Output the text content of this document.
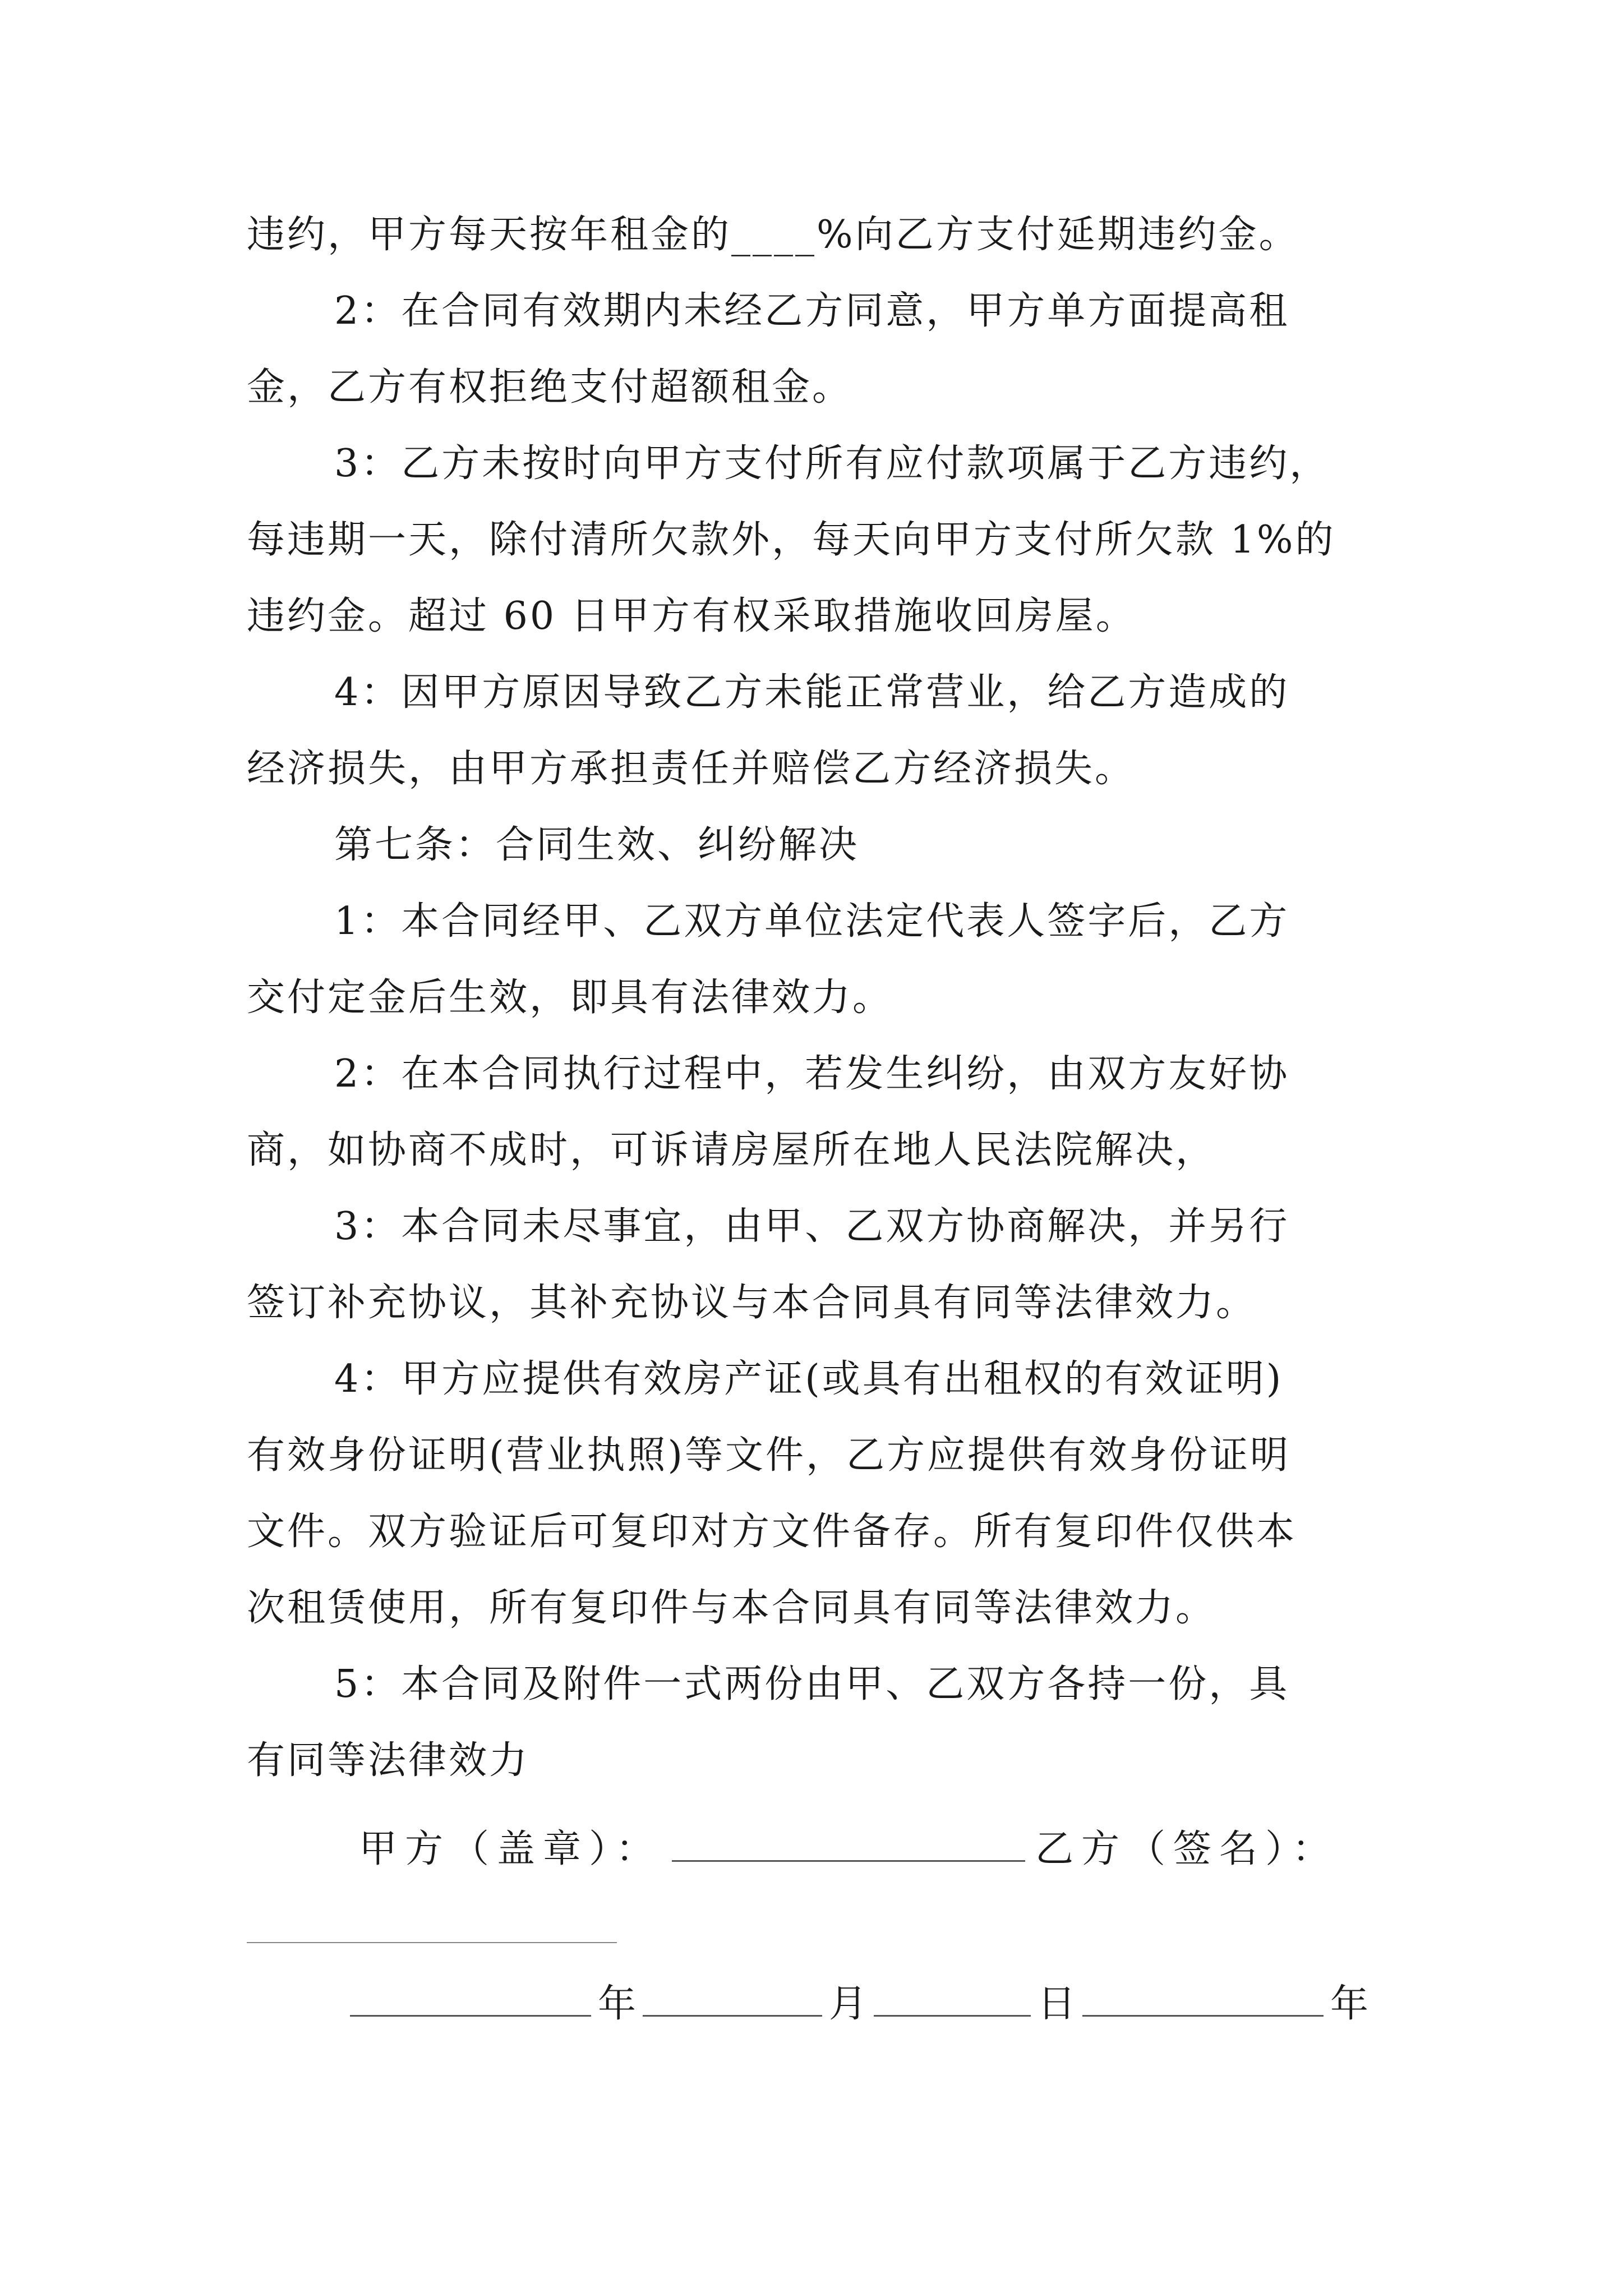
违约，甲方每天按年租金的____%向乙方支付延期违约金。
2：在合同有效期内未经乙方同意，甲方单方面提高租
金，乙方有权拒绝支付超额租金。
3：乙方未按时向甲方支付所有应付款项属于乙方违约，
每违期一天，除付清所欠款外，每天向甲方支付所欠款 1%的
违约金。超过 60 日甲方有权采取措施收回房屋。
4：因甲方原因导致乙方未能正常营业，给乙方造成的
经济损失，由甲方承担责任并赔偿乙方经济损失。
第七条：合同生效、纠纷解决
1：本合同经甲、乙双方单位法定代表人签字后，乙方
交付定金后生效，即具有法律效力。
2：在本合同执行过程中，若发生纠纷，由双方友好协
商，如协商不成时，可诉请房屋所在地人民法院解决，
3：本合同未尽事宜，由甲、乙双方协商解决，并另行
签订补充协议，其补充协议与本合同具有同等法律效力。
4：甲方应提供有效房产证(或具有出租权的有效证明)
有效身份证明(营业执照)等文件，乙方应提供有效身份证明
文件。双方验证后可复印对方文件备存。所有复印件仅供本
次租赁使用，所有复印件与本合同具有同等法律效力。
5：本合同及附件一式两份由甲、乙双方各持一份，具
有同等法律效力
甲方（盖章）：	乙方（签名）：
年	月	日	年
